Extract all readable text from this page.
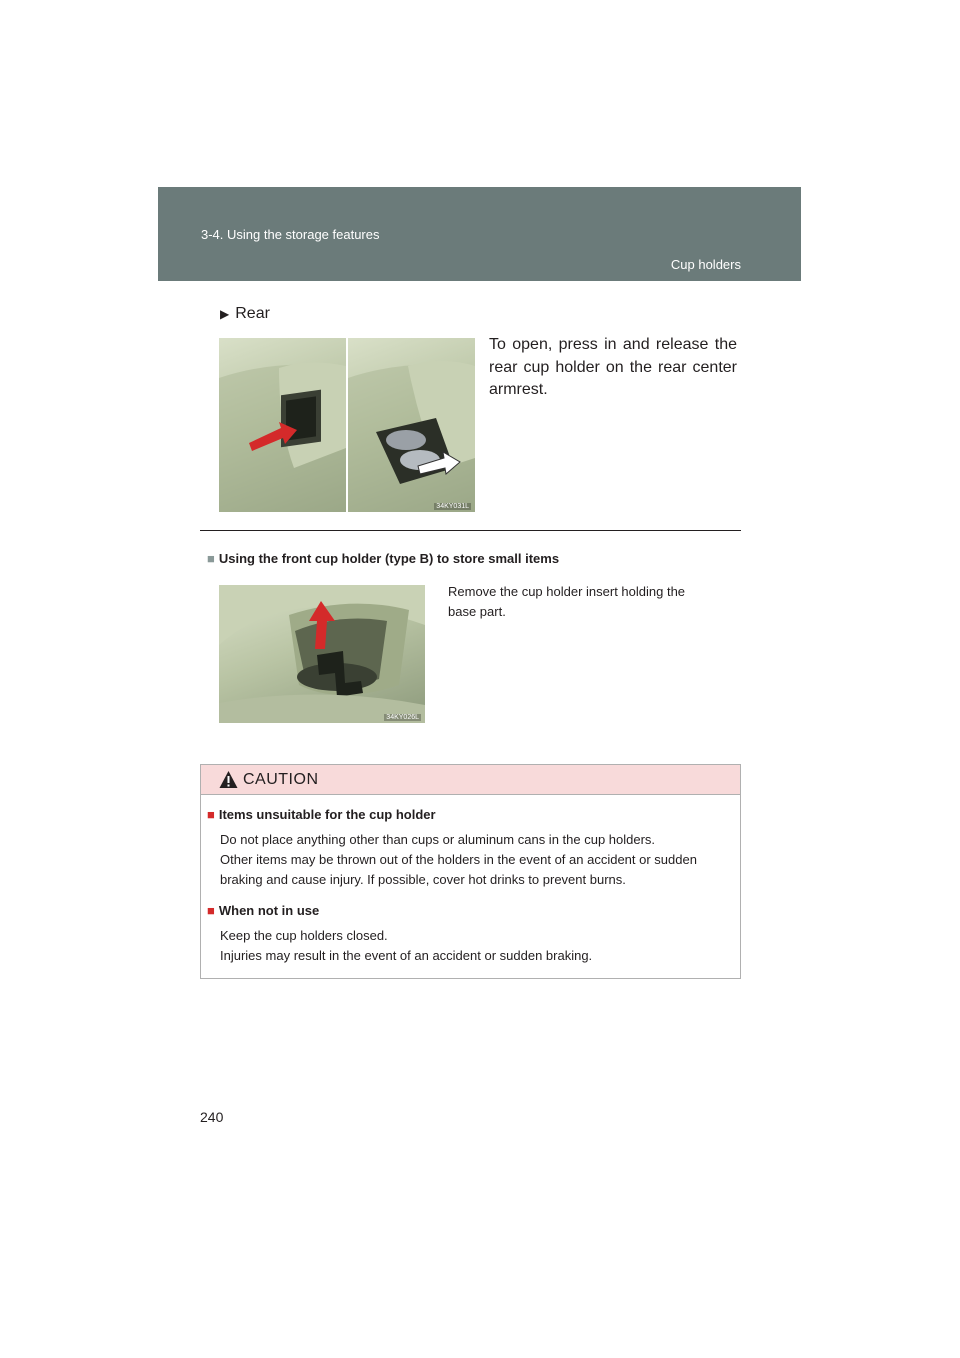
3-4. Using the storage features
Cup holders
▶ Rear
34KY031L
To open, press in and release the rear cup holder on the rear center armrest.
■ Using the front cup holder (type B) to store small items
Remove the cup holder insert holding the
base part.
34KY026L
CAUTION
■ Items unsuitable for the cup holder
Do not place anything other than cups or aluminum cans in the cup holders.
Other items may be thrown out of the holders in the event of an accident or sudden
braking and cause injury. If possible, cover hot drinks to prevent burns.
■ When not in use
Keep the cup holders closed.
Injuries may result in the event of an accident or sudden braking.
240
